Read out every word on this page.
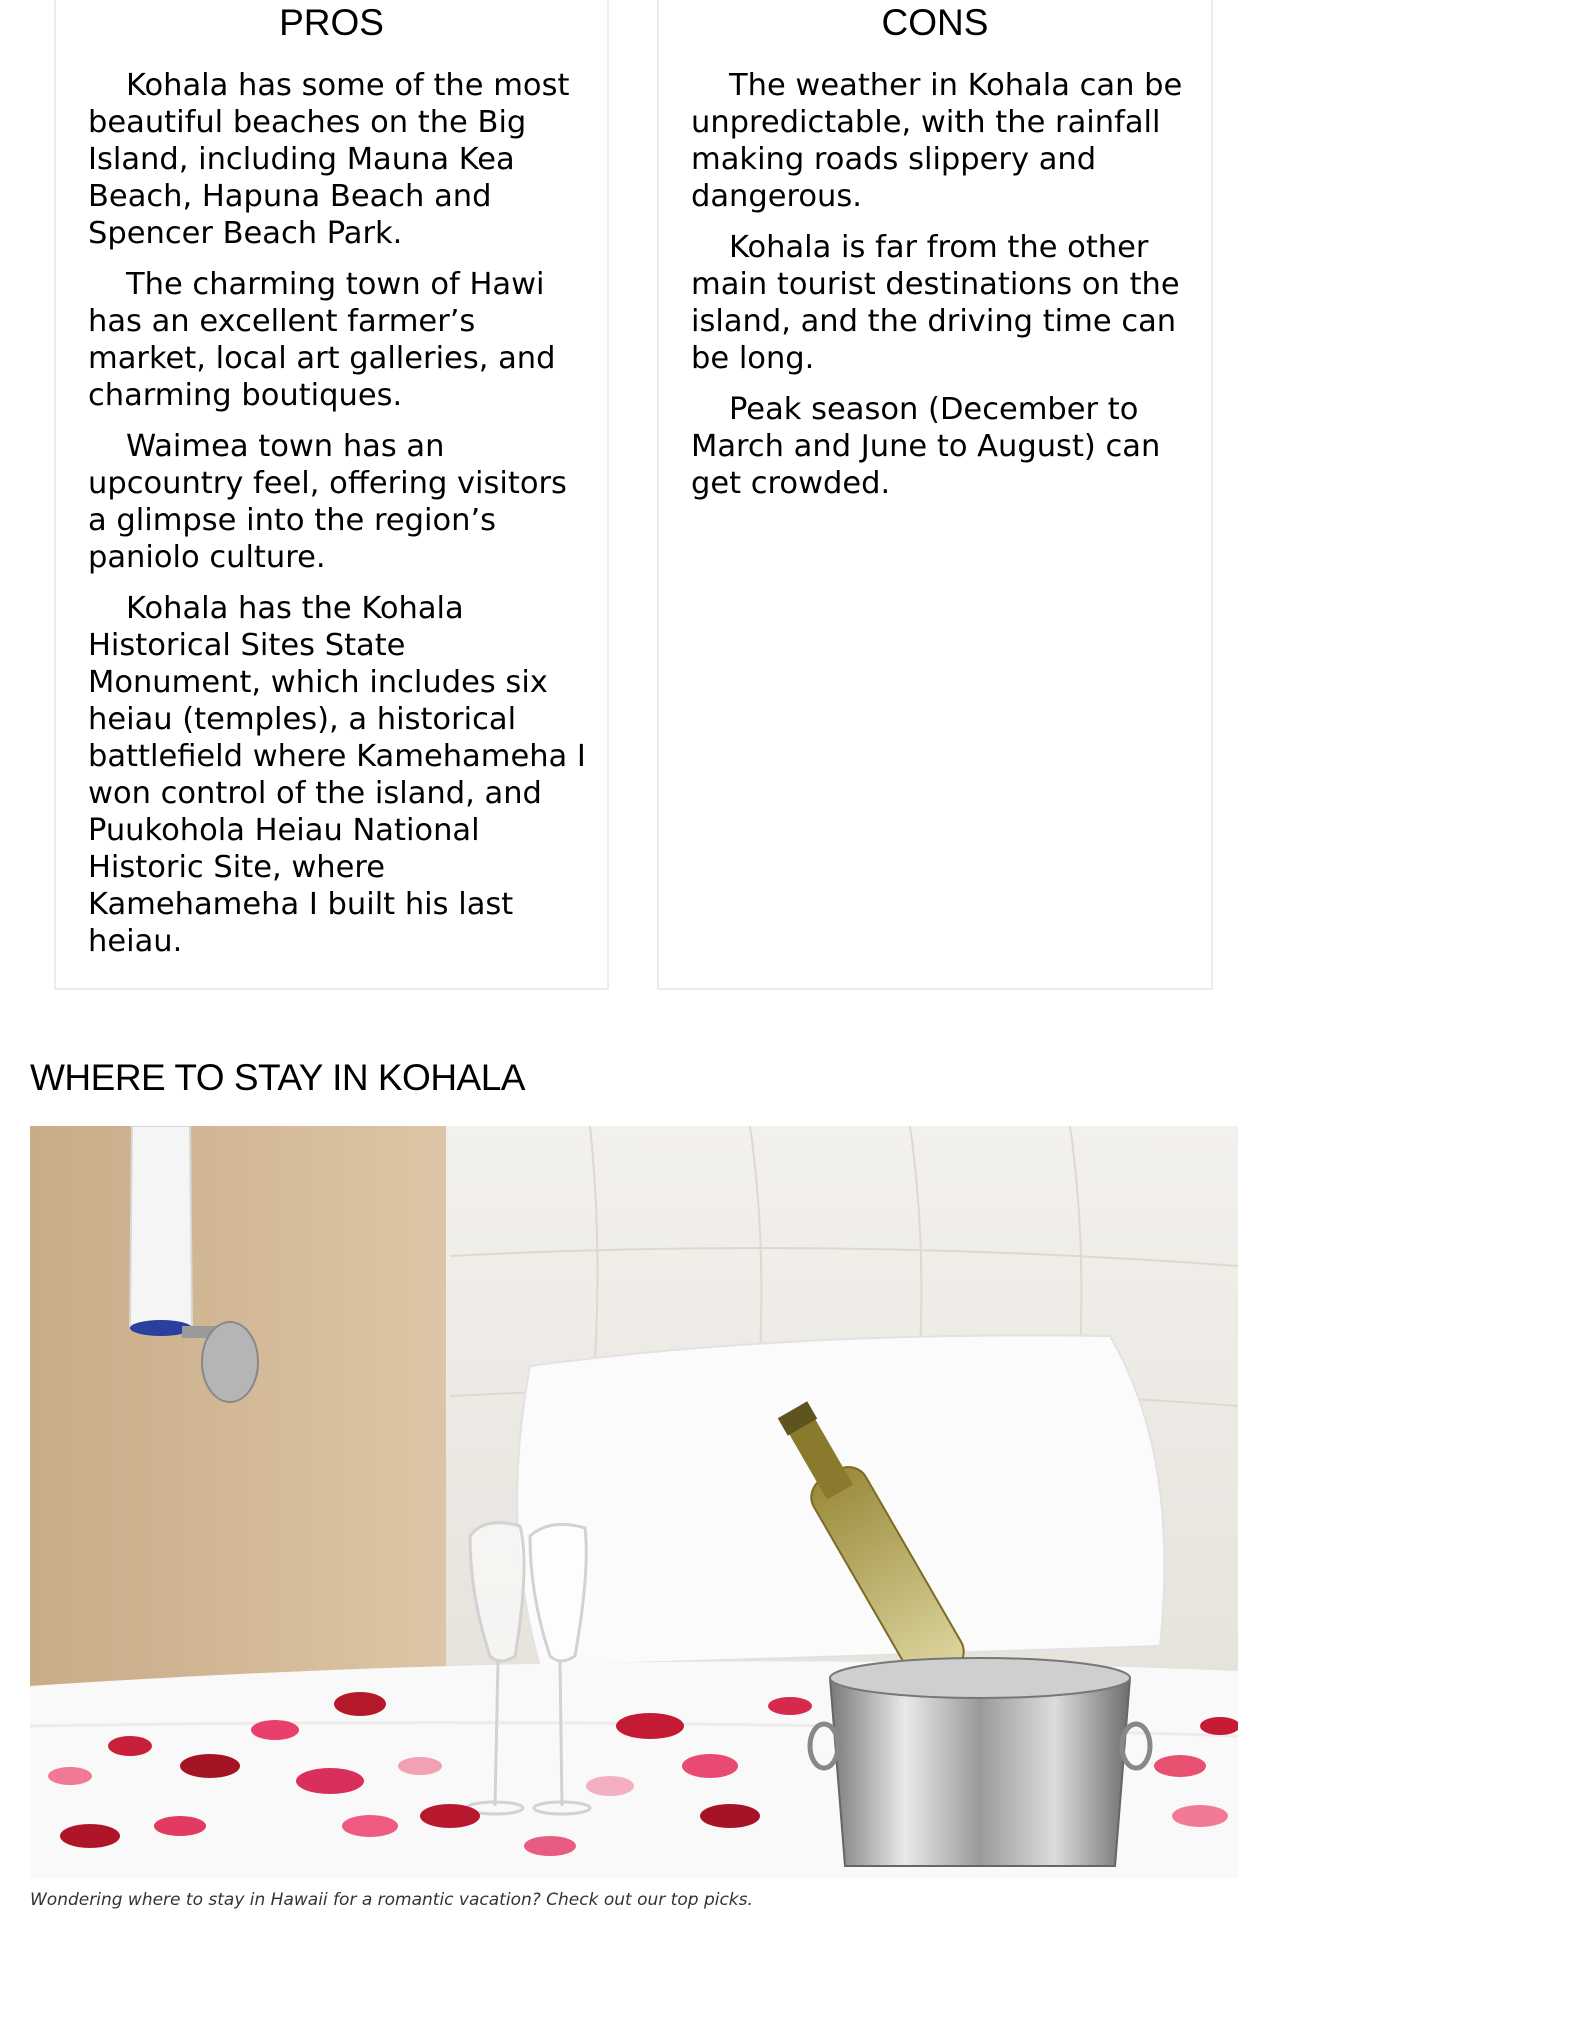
PROS

Kohala has some of the most beautiful beaches on the Big Island, including Mauna Kea Beach, Hapuna Beach and Spencer Beach Park.

The charming town of Hawi has an excellent farmer’s market, local art galleries, and charming boutiques.

Waimea town has an upcountry feel, offering visitors a glimpse into the region’s paniolo culture.

Kohala has the Kohala Historical Sites State Monument, which includes six heiau (temples), a historical battlefield where Kamehameha I won control of the island, and Puukohola Heiau National Historic Site, where Kamehameha I built his last heiau.

CONS

The weather in Kohala can be unpredictable, with the rainfall making roads slippery and dangerous.

Kohala is far from the other main tourist destinations on the island, and the driving time can be long.

Peak season (December to March and June to August) can get crowded.

WHERE TO STAY IN KOHALA
Wondering where to stay in Hawaii for a romantic vacation? Check out our top picks.
